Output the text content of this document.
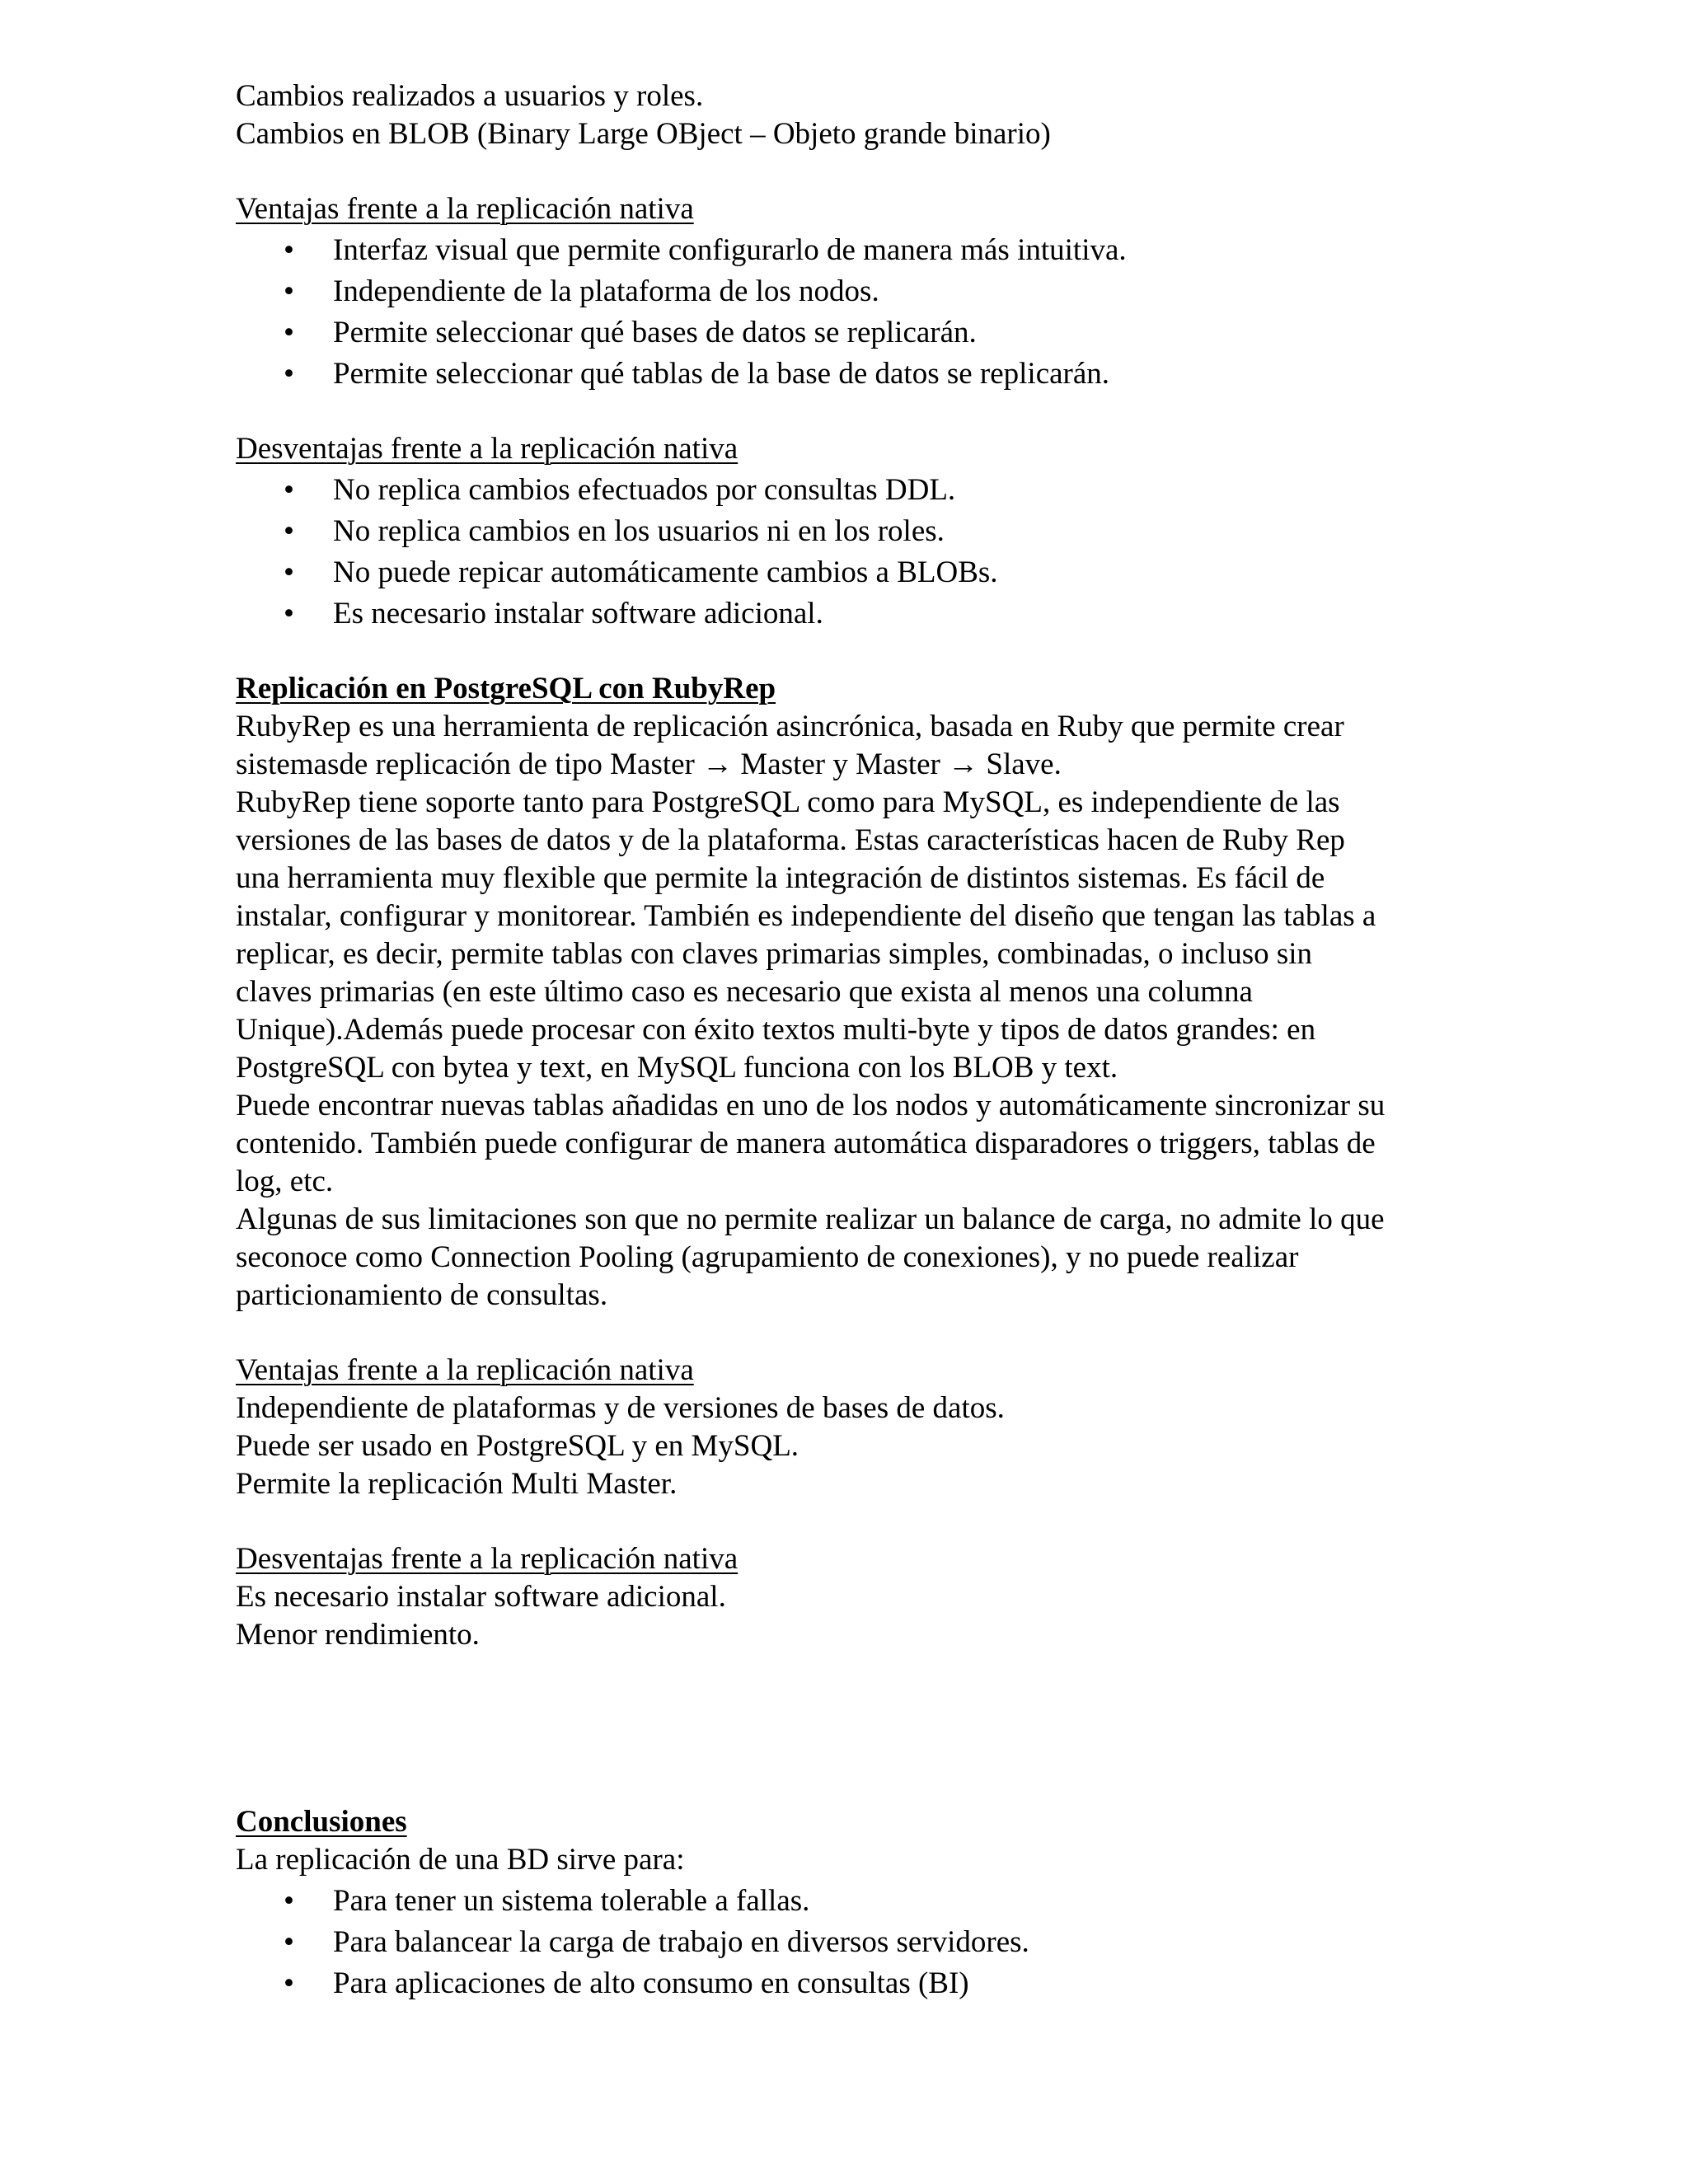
Cambios realizados a usuarios y roles.

Cambios en BLOB (Binary Large OBject – Objeto grande binario)

Ventajas frente a la replicación nativa

• Interfaz visual que permite configurarlo de manera más intuitiva.

• Independiente de la plataforma de los nodos.

• Permite seleccionar qué bases de datos se replicarán.

• Permite seleccionar qué tablas de la base de datos se replicarán.

Desventajas frente a la replicación nativa

• No replica cambios efectuados por consultas DDL.

• No replica cambios en los usuarios ni en los roles.

• No puede repicar automáticamente cambios a BLOBs.

• Es necesario instalar software adicional.

Replicación en PostgreSQL con RubyRep

RubyRep es una herramienta de replicación asincrónica, basada en Ruby que permite crear

sistemasde replicación de tipo Master → Master y Master → Slave.

RubyRep tiene soporte tanto para PostgreSQL como para MySQL, es independiente de las

versiones de las bases de datos y de la plataforma. Estas características hacen de Ruby Rep

una herramienta muy flexible que permite la integración de distintos sistemas. Es fácil de

instalar, configurar y monitorear. También es independiente del diseño que tengan las tablas a

replicar, es decir, permite tablas con claves primarias simples, combinadas, o incluso sin

claves primarias (en este último caso es necesario que exista al menos una columna

Unique).Además puede procesar con éxito textos multi-byte y tipos de datos grandes: en

PostgreSQL con bytea y text, en MySQL funciona con los BLOB y text.

Puede encontrar nuevas tablas añadidas en uno de los nodos y automáticamente sincronizar su

contenido. También puede configurar de manera automática disparadores o triggers, tablas de

log, etc.

Algunas de sus limitaciones son que no permite realizar un balance de carga, no admite lo que

seconoce como Connection Pooling (agrupamiento de conexiones), y no puede realizar

particionamiento de consultas.

Ventajas frente a la replicación nativa

Independiente de plataformas y de versiones de bases de datos.

Puede ser usado en PostgreSQL y en MySQL.

Permite la replicación Multi Master.

Desventajas frente a la replicación nativa

Es necesario instalar software adicional.

Menor rendimiento.

Conclusiones

La replicación de una BD sirve para:

• Para tener un sistema tolerable a fallas.

• Para balancear la carga de trabajo en diversos servidores.

• Para aplicaciones de alto consumo en consultas (BI)
